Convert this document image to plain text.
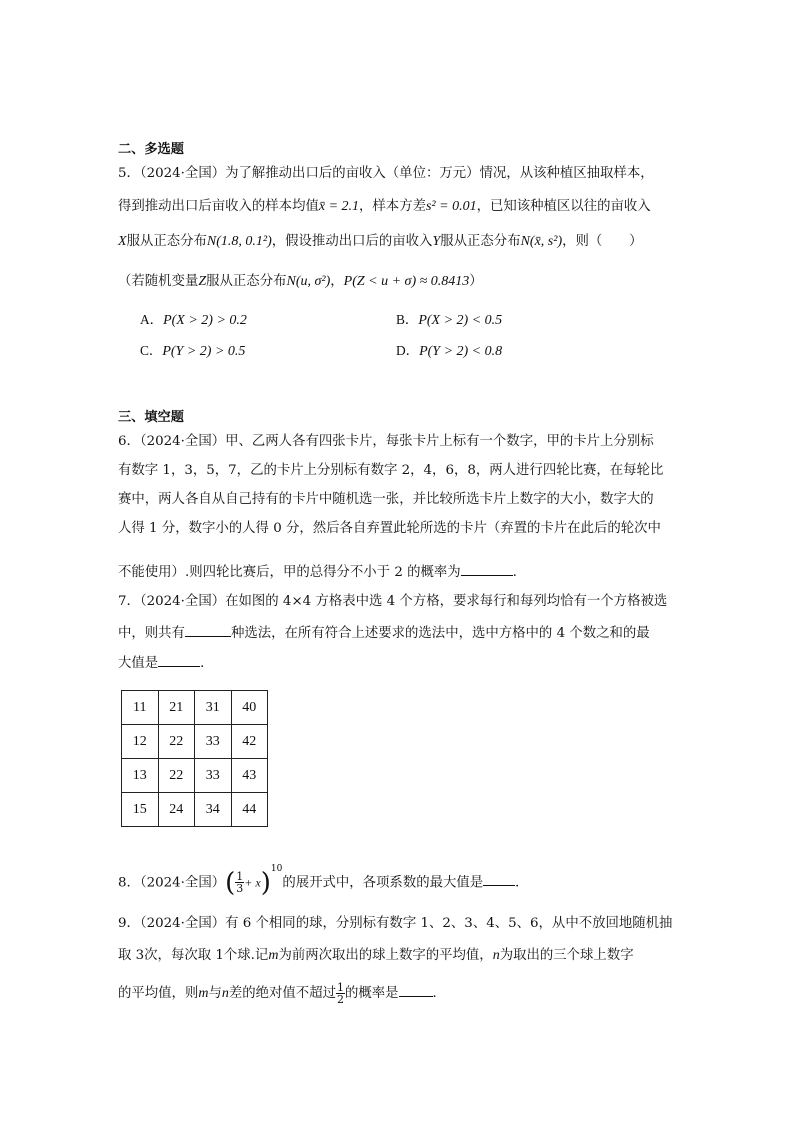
二、多选题
5．（2024·全国）为了解推动出口后的亩收入（单位：万元）情况，从该种植区抽取样本，
得到推动出口后亩收入的样本均值x̄ = 2.1，样本方差s² = 0.01，已知该种植区以往的亩收入
X服从正态分布N(1.8, 0.1²)，假设推动出口后的亩收入Y服从正态分布N(x̄, s²)，则（　　）
（若随机变量Z服从正态分布N(u, σ²)，P(Z < u + σ) ≈ 0.8413）
A．P(X > 2) > 0.2	B．P(X > 2) < 0.5
C．P(Y > 2) > 0.5	D．P(Y > 2) < 0.8
三、填空题
6．（2024·全国）甲、乙两人各有四张卡片，每张卡片上标有一个数字，甲的卡片上分别标
有数字 1，3，5，7，乙的卡片上分别标有数字 2，4，6，8，两人进行四轮比赛，在每轮比
赛中，两人各自从自己持有的卡片中随机选一张，并比较所选卡片上数字的大小，数字大的
人得 1 分，数字小的人得 0 分，然后各自弃置此轮所选的卡片（弃置的卡片在此后的轮次中
不能使用）.则四轮比赛后，甲的总得分不小于 2 的概率为	.
7．（2024·全国）在如图的 4×4 方格表中选 4 个方格，要求每行和每列均恰有一个方格被选
中，则共有	种选法，在所有符合上述要求的选法中，选中方格中的 4 个数之和的最
大值是	．
11	21	31	40
12	22	33	42
13	22	33	43
15	24	34	44
8．（2024·全国）( $\frac{1}{3} + x)^{10}$的展开式中，各项系数的最大值是 ．
9．（2024·全国）有 6 个相同的球，分别标有数字 1、2、3、4、5、6，从中不放回地随机抽
取 3次，每次取 1个球.记m为前两次取出的球上数字的平均值，n为取出的三个球上数字
的平均值，则m与n差的绝对值不超过 $\frac{1}{2}$ 的概率是	．
